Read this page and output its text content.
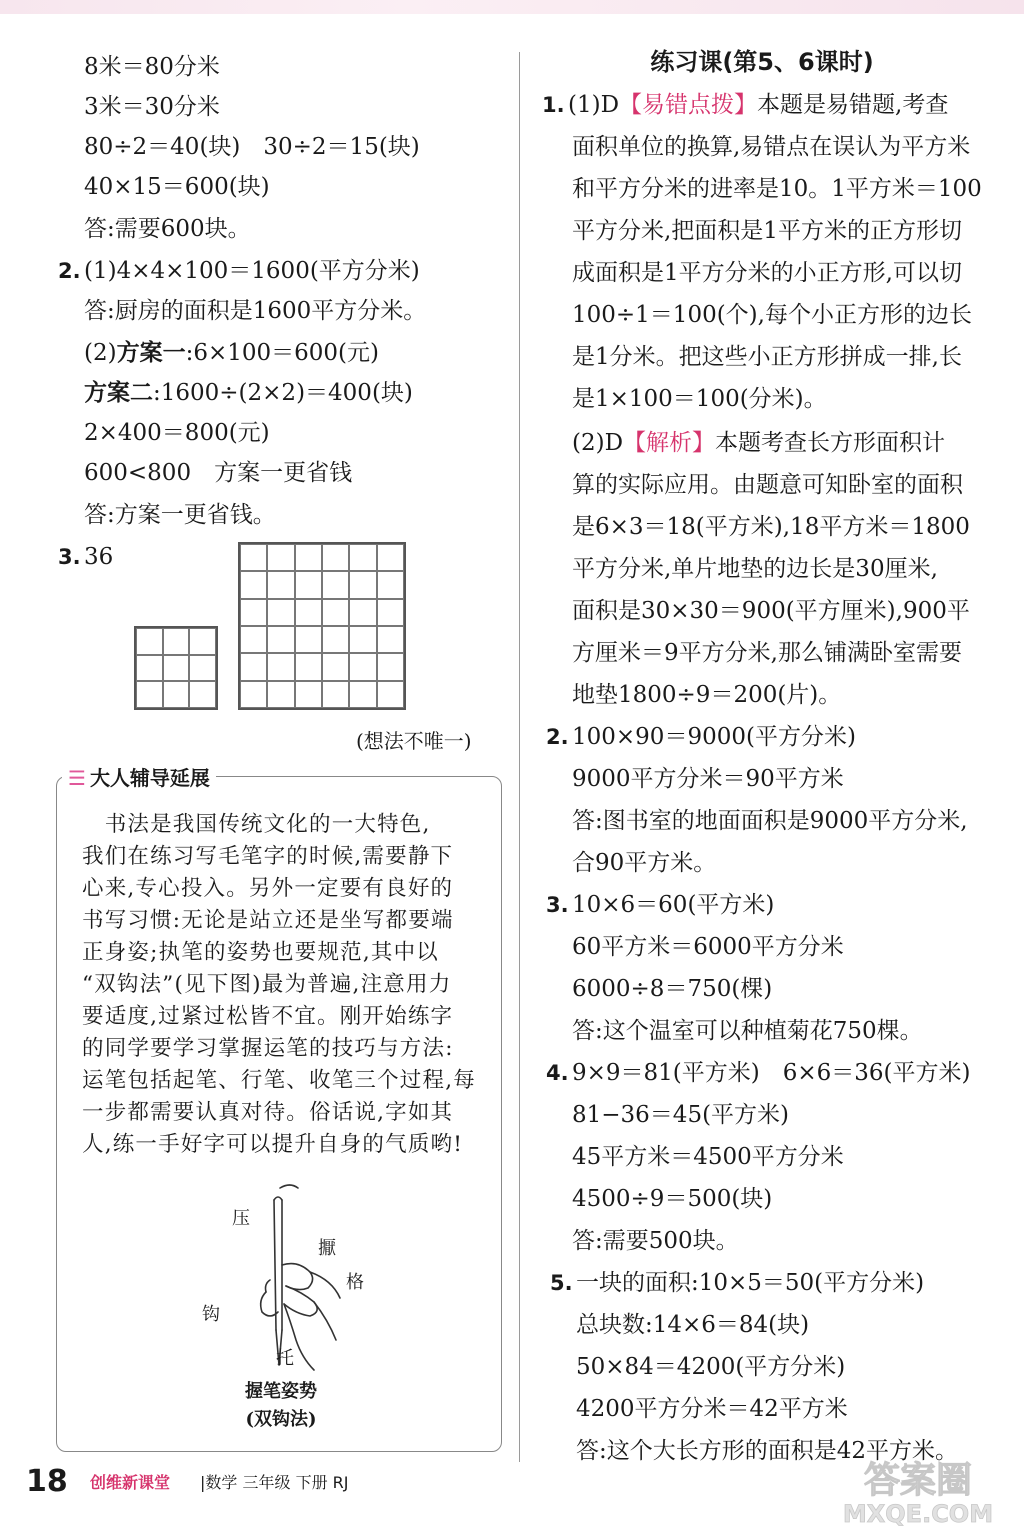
8米＝80分米
3米＝30分米
80÷2＝40(块)　30÷2＝15(块)
40×15＝600(块)
答:需要600块。
2. (1)4×4×100＝1600(平方分米)
答:厨房的面积是1600平方分米。
(2)方案一:6×100＝600(元)
方案二:1600÷(2×2)＝400(块)
2×400＝800(元)
600<800　方案一更省钱
答:方案一更省钱。
3. 36
(想法不唯一)
☰ 大人辅导延展
　书法是我国传统文化的一大特色,
我们在练习写毛笔字的时候,需要静下
心来,专心投入。另外一定要有良好的
书写习惯:无论是站立还是坐写都要端
正身姿;执笔的姿势也要规范,其中以
“双钩法”(见下图)最为普遍,注意用力
要适度,过紧过松皆不宜。刚开始练字
的同学要学习掌握运笔的技巧与方法:
运笔包括起笔、行笔、收笔三个过程,每
一步都需要认真对待。俗话说,字如其
人,练一手好字可以提升自身的气质哟!
压
擫
格
钩
托
握笔姿势
(双钩法)
练习课(第5、6课时)
1. (1)D【易错点拨】本题是易错题,考查
面积单位的换算,易错点在误认为平方米
和平方分米的进率是10。1平方米＝100
平方分米,把面积是1平方米的正方形切
成面积是1平方分米的小正方形,可以切
100÷1＝100(个),每个小正方形的边长
是1分米。把这些小正方形拼成一排,长
是1×100＝100(分米)。
(2)D【解析】本题考查长方形面积计
算的实际应用。由题意可知卧室的面积
是6×3＝18(平方米),18平方米＝1800
平方分米,单片地垫的边长是30厘米,
面积是30×30＝900(平方厘米),900平
方厘米＝9平方分米,那么铺满卧室需要
地垫1800÷9＝200(片)。
2. 100×90＝9000(平方分米)
9000平方分米＝90平方米
答:图书室的地面面积是9000平方分米,
合90平方米。
3. 10×6＝60(平方米)
60平方米＝6000平方分米
6000÷8＝750(棵)
答:这个温室可以种植菊花750棵。
4. 9×9＝81(平方米)　6×6＝36(平方米)
81−36＝45(平方米)
45平方米＝4500平方分米
4500÷9＝500(块)
答:需要500块。
5. 一块的面积:10×5＝50(平方分米)
总块数:14×6＝84(块)
50×84＝4200(平方分米)
4200平方分米＝42平方米
答:这个大长方形的面积是42平方米。
18 创维新课堂 |数学 三年级 下册 RJ	答案圈
MXQE.COM
